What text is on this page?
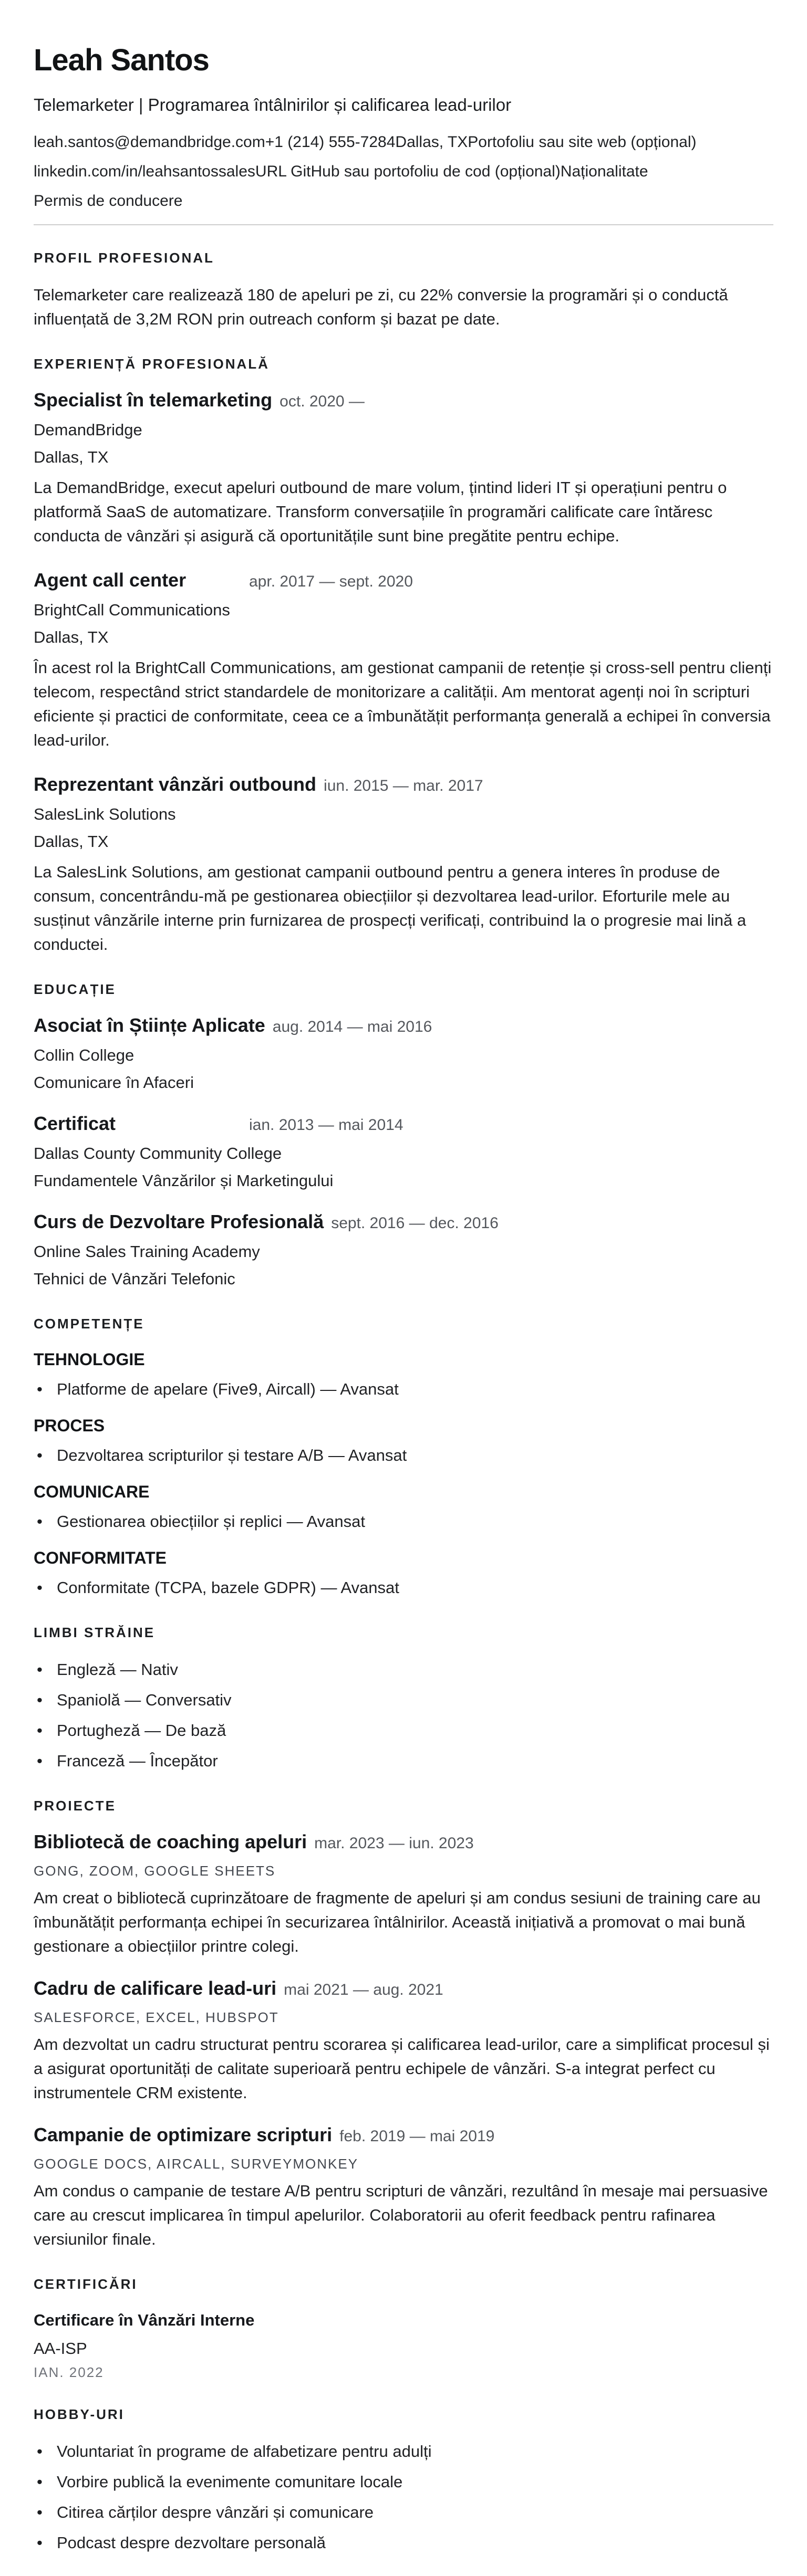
Leah Santos
Telemarketer | Programarea întâlnirilor și calificarea lead-urilor
leah.santos@demandbridge.com+1 (214) 555-7284Dallas, TXPortofoliu sau site web (opțional)
linkedin.com/in/leahsantossalesURL GitHub sau portofoliu de cod (opțional)Naționalitate
Permis de conducere
PROFIL PROFESIONAL

Telemarketer care realizează 180 de apeluri pe zi, cu 22% conversie la programări și o conductă influențată de 3,2M RON prin outreach conform și bazat pe date.

EXPERIENȚĂ PROFESIONALĂ
Specialist în telemarketing oct. 2020 —
DemandBridge
Dallas, TX

La DemandBridge, execut apeluri outbound de mare volum, țintind lideri IT și operațiuni pentru o platformă SaaS de automatizare. Transform conversațiile în programări calificate care întăresc conducta de vânzări și asigură că oportunitățile sunt bine pregătite pentru echipe.

Agent call center	apr. 2017 — sept. 2020
BrightCall Communications
Dallas, TX

În acest rol la BrightCall Communications, am gestionat campanii de retenție și cross-sell pentru clienți telecom, respectând strict standardele de monitorizare a calității. Am mentorat agenți noi în scripturi eficiente și practici de conformitate, ceea ce a îmbunătățit performanța generală a echipei în conversia lead-urilor.

Reprezentant vânzări outbound iun. 2015 — mar. 2017
SalesLink Solutions
Dallas, TX

La SalesLink Solutions, am gestionat campanii outbound pentru a genera interes în produse de consum, concentrându-mă pe gestionarea obiecțiilor și dezvoltarea lead-urilor. Eforturile mele au susținut vânzările interne prin furnizarea de prospecți verificați, contribuind la o progresie mai lină a conductei.

EDUCAȚIE
Asociat în Științe Aplicate aug. 2014 — mai 2016
Collin College
Comunicare în Afaceri
Certificat	ian. 2013 — mai 2014
Dallas County Community College
Fundamentele Vânzărilor și Marketingului
Curs de Dezvoltare Profesională sept. 2016 — dec. 2016
Online Sales Training Academy
Tehnici de Vânzări Telefonic
COMPETENȚE
TEHNOLOGIE
• Platforme de apelare (Five9, Aircall) — Avansat
PROCES
• Dezvoltarea scripturilor și testare A/B — Avansat
COMUNICARE
• Gestionarea obiecțiilor și replici — Avansat
CONFORMITATE
• Conformitate (TCPA, bazele GDPR) — Avansat
LIMBI STRĂINE
• Engleză — Nativ
• Spaniolă — Conversativ
• Portugheză — De bază
• Franceză — Începător
PROIECTE
Bibliotecă de coaching apeluri mar. 2023 — iun. 2023
GONG, ZOOM, GOOGLE SHEETS

Am creat o bibliotecă cuprinzătoare de fragmente de apeluri și am condus sesiuni de training care au îmbunătățit performanța echipei în securizarea întâlnirilor. Această inițiativă a promovat o mai bună gestionare a obiecțiilor printre colegi.

Cadru de calificare lead-uri mai 2021 — aug. 2021
SALESFORCE, EXCEL, HUBSPOT

Am dezvoltat un cadru structurat pentru scorarea și calificarea lead-urilor, care a simplificat procesul și a asigurat oportunități de calitate superioară pentru echipele de vânzări. S-a integrat perfect cu instrumentele CRM existente.

Campanie de optimizare scripturi feb. 2019 — mai 2019
GOOGLE DOCS, AIRCALL, SURVEYMONKEY

Am condus o campanie de testare A/B pentru scripturi de vânzări, rezultând în mesaje mai persuasive care au crescut implicarea în timpul apelurilor. Colaboratorii au oferit feedback pentru rafinarea versiunilor finale.

CERTIFICĂRI
Certificare în Vânzări Interne
AA-ISP
IAN. 2022
HOBBY-URI
• Voluntariat în programe de alfabetizare pentru adulți
• Vorbire publică la evenimente comunitare locale
• Citirea cărților despre vânzări și comunicare
• Podcast despre dezvoltare personală
